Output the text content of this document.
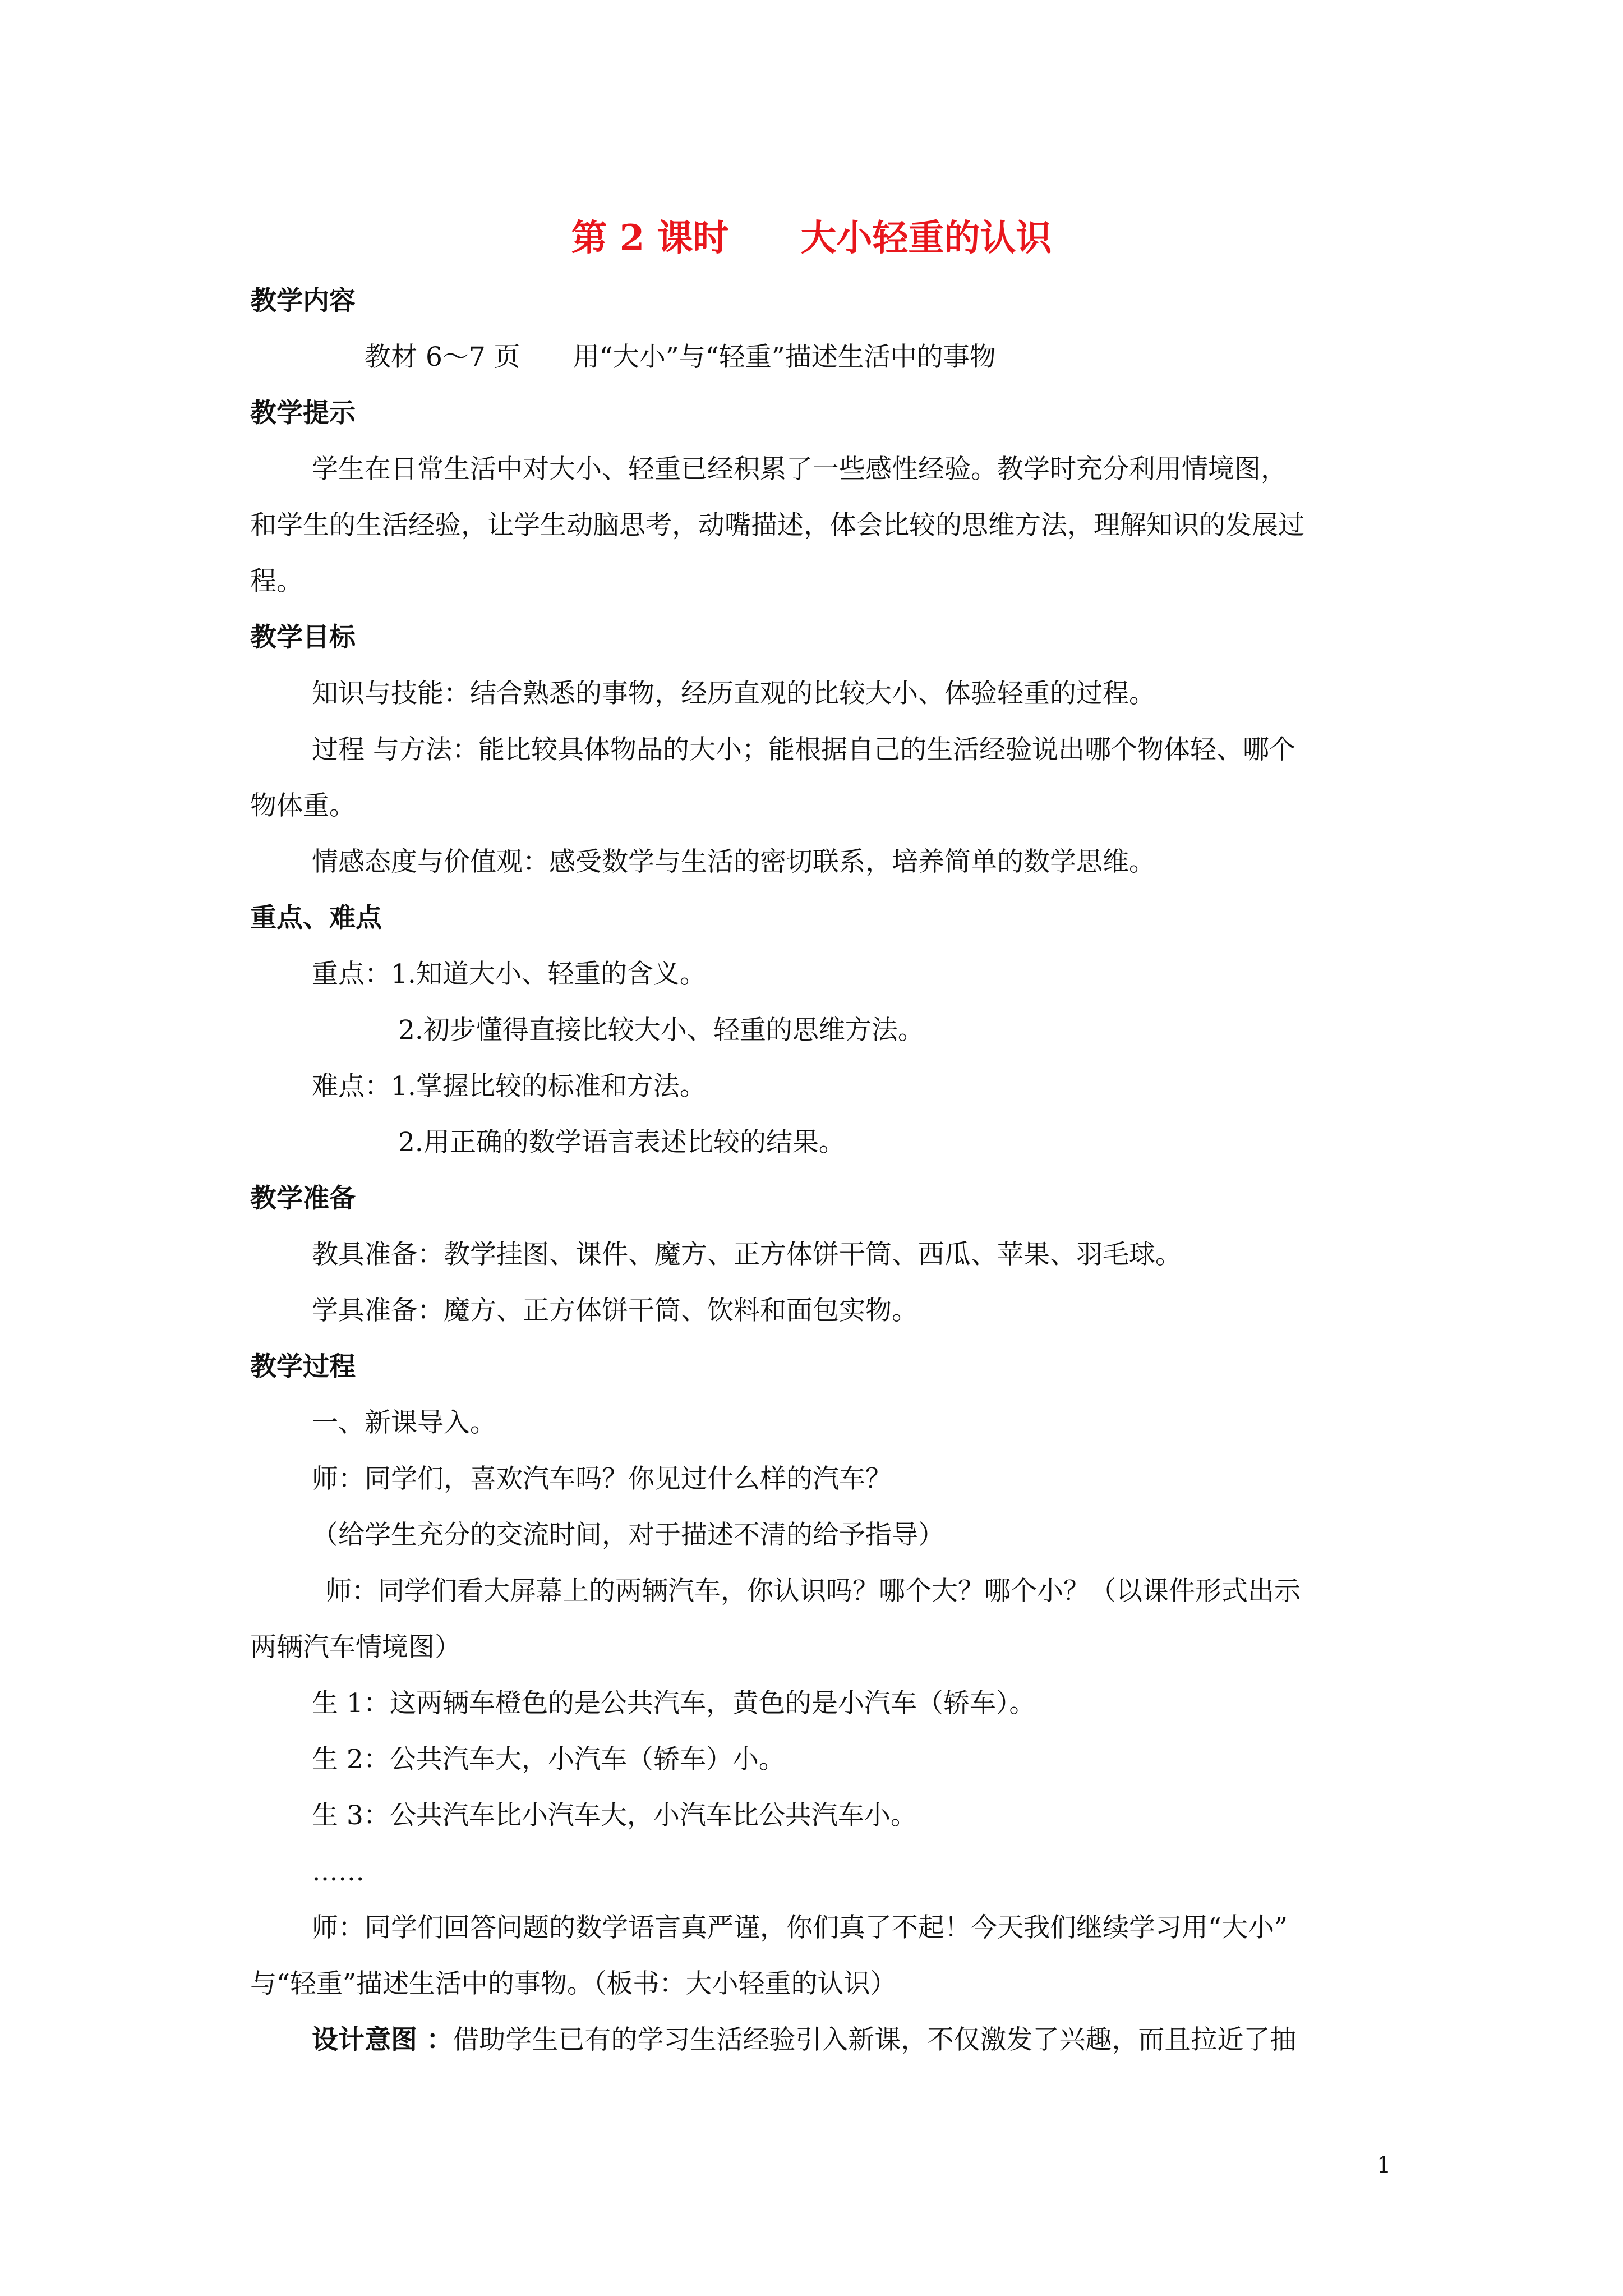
第 2 课时　　大小轻重的认识
教学内容
教材 6～7 页　　用“大小”与“轻重”描述生活中的事物
教学提示
学生在日常生活中对大小、轻重已经积累了一些感性经验。教学时充分利用情境图，
和学生的生活经验，让学生动脑思考，动嘴描述，体会比较的思维方法，理解知识的发展过
程。
教学目标
知识与技能：结合熟悉的事物，经历直观的比较大小、体验轻重的过程。
过程 与方法：能比较具体物品的大小；能根据自己的生活经验说出哪个物体轻、哪个
物体重。
情感态度与价值观：感受数学与生活的密切联系，培养简单的数学思维。
重点、难点
重点：1.知道大小、轻重的含义。
2.初步懂得直接比较大小、轻重的思维方法。
难点：1.掌握比较的标准和方法。
2.用正确的数学语言表述比较的结果。
教学准备
教具准备：教学挂图、课件、魔方、正方体饼干筒、西瓜、苹果、羽毛球。
学具准备：魔方、正方体饼干筒、饮料和面包实物。
教学过程
一、新课导入。
师：同学们，喜欢汽车吗？你见过什么样的汽车？
（给学生充分的交流时间，对于描述不清的给予指导）
师：同学们看大屏幕上的两辆汽车，你认识吗？哪个大？哪个小？（以课件形式出示
两辆汽车情境图）
生 1：这两辆车橙色的是公共汽车，黄色的是小汽车（轿车）。
生 2：公共汽车大，小汽车（轿车）小。
生 3：公共汽车比小汽车大，小汽车比公共汽车小。
……
师：同学们回答问题的数学语言真严谨，你们真了不起！今天我们继续学习用“大小”
与“轻重”描述生活中的事物。（板书：大小轻重的认识）
设计意图 ：借助学生已有的学习生活经验引入新课，不仅激发了兴趣，而且拉近了抽
1
